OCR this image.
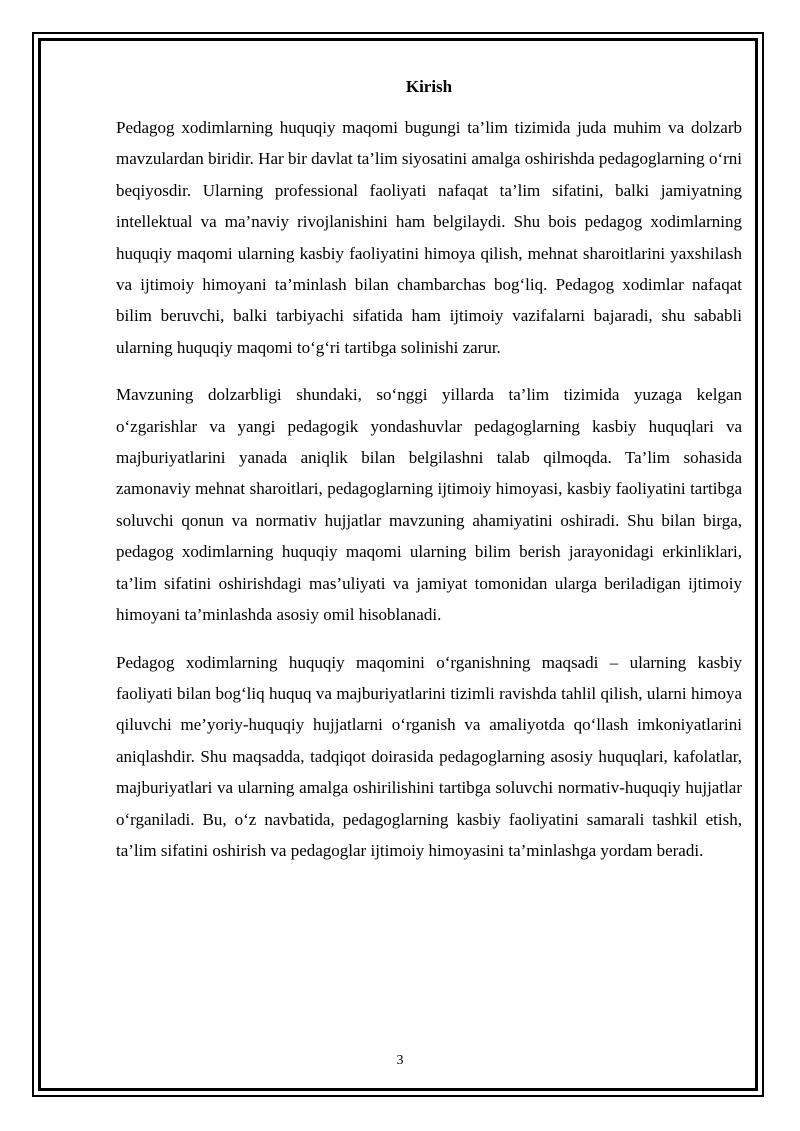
Kirish

Pedagog xodimlarning huquqiy maqomi bugungi ta’lim tizimida juda muhim va dolzarb mavzulardan biridir. Har bir davlat ta’lim siyosatini amalga oshirishda pedagoglarning oʻrni beqiyosdir. Ularning professional faoliyati nafaqat ta’lim sifatini, balki jamiyatning intellektual va ma’naviy rivojlanishini ham belgilaydi. Shu bois pedagog xodimlarning huquqiy maqomi ularning kasbiy faoliyatini himoya qilish, mehnat sharoitlarini yaxshilash va ijtimoiy himoyani ta’minlash bilan chambarchas bogʻliq. Pedagog xodimlar nafaqat bilim beruvchi, balki tarbiyachi sifatida ham ijtimoiy vazifalarni bajaradi, shu sababli ularning huquqiy maqomi toʻgʻri tartibga solinishi zarur.

Mavzuning dolzarbligi shundaki, soʻnggi yillarda ta’lim tizimida yuzaga kelgan oʻzgarishlar va yangi pedagogik yondashuvlar pedagoglarning kasbiy huquqlari va majburiyatlarini yanada aniqlik bilan belgilashni talab qilmoqda. Ta’lim sohasida zamonaviy mehnat sharoitlari, pedagoglarning ijtimoiy himoyasi, kasbiy faoliyatini tartibga soluvchi qonun va normativ hujjatlar mavzuning ahamiyatini oshiradi. Shu bilan birga, pedagog xodimlarning huquqiy maqomi ularning bilim berish jarayonidagi erkinliklari, ta’lim sifatini oshirishdagi mas’uliyati va jamiyat tomonidan ularga beriladigan ijtimoiy himoyani ta’minlashda asosiy omil hisoblanadi.

Pedagog xodimlarning huquqiy maqomini oʻrganishning maqsadi – ularning kasbiy faoliyati bilan bogʻliq huquq va majburiyatlarini tizimli ravishda tahlil qilish, ularni himoya qiluvchi me’yoriy-huquqiy hujjatlarni oʻrganish va amaliyotda qoʻllash imkoniyatlarini aniqlashdir. Shu maqsadda, tadqiqot doirasida pedagoglarning asosiy huquqlari, kafolatlar, majburiyatlari va ularning amalga oshirilishini tartibga soluvchi normativ-huquqiy hujjatlar oʻrganiladi. Bu, oʻz navbatida, pedagoglarning kasbiy faoliyatini samarali tashkil etish, ta’lim sifatini oshirish va pedagoglar ijtimoiy himoyasini ta’minlashga yordam beradi.

3
